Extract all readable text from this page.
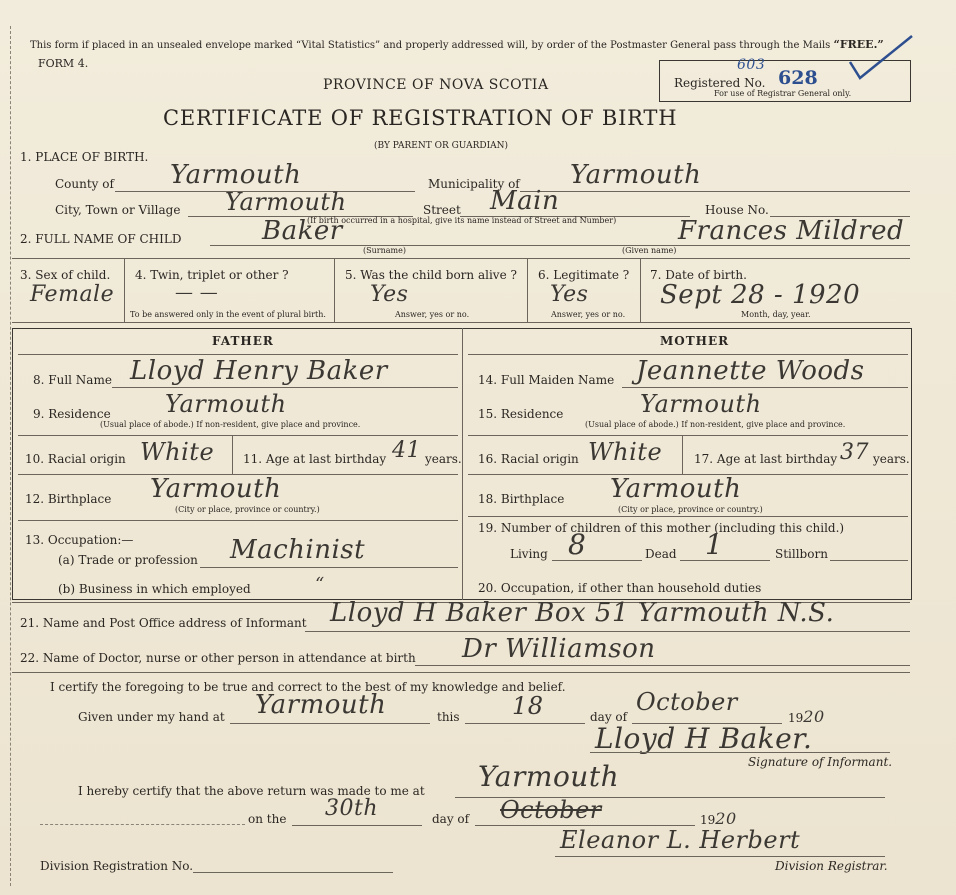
This form if placed in an unsealed envelope marked “Vital Statistics” and properly addressed will, by order of the Postmaster General pass through the Mails “FREE.”
FORM 4.
PROVINCE OF NOVA SCOTIA
CERTIFICATE OF REGISTRATION OF BIRTH
(BY PARENT OR GUARDIAN)
Registered No.
603
628
For use of Registrar General only.
1. PLACE OF BIRTH.
County of Yarmouth	Municipality of Yarmouth
City, Town or Village Yarmouth	Street Main	House No.
(If birth occurred in a hospital, give its name instead of Street and Number)
2. FULL NAME OF CHILD	Baker
(Surname)
Frances Mildred
(Given name)
3. Sex of child.
Female
4. Twin, triplet or other ?
— —
To be answered only in the event of plural birth.
5. Was the child born alive ?
Yes
Answer, yes or no.
6. Legitimate ?
Yes
Answer, yes or no.
7. Date of birth.
Sept 28 - 1920
Month, day, year.
FATHER	MOTHER
8. Full Name Lloyd Henry Baker
9. Residence Yarmouth
(Usual place of abode.) If non-resident, give place and province.
10. Racial origin White 11. Age at last birthday 41 years.
12. Birthplace Yarmouth
(City or place, province or country.)
13. Occupation:—
(a) Trade or profession Machinist
(b) Business in which employed	“
14. Full Maiden Name Jeannette Woods
15. Residence	Yarmouth
(Usual place of abode.) If non-resident, give place and province.
16. Racial origin White	17. Age at last birthday 37 years.
18. Birthplace Yarmouth
(City or place, province or country.)
19. Number of children of this mother (including this child.)
Living 8	Dead 1	Stillborn
20. Occupation, if other than household duties
21. Name and Post Office address of Informant Lloyd H Baker Box 51 Yarmouth N.S.
22. Name of Doctor, nurse or other person in attendance at birth Dr Williamson
I certify the foregoing to be true and correct to the best of my knowledge and belief.
Given under my hand at Yarmouth	this 18	day of
October
1920
Lloyd H Baker.
Signature of Informant.
I hereby certify that the above return was made to me at Yarmouth
on the 30th	day of October	1920
Eleanor L. Herbert
Division Registrar.
Division Registration No.
